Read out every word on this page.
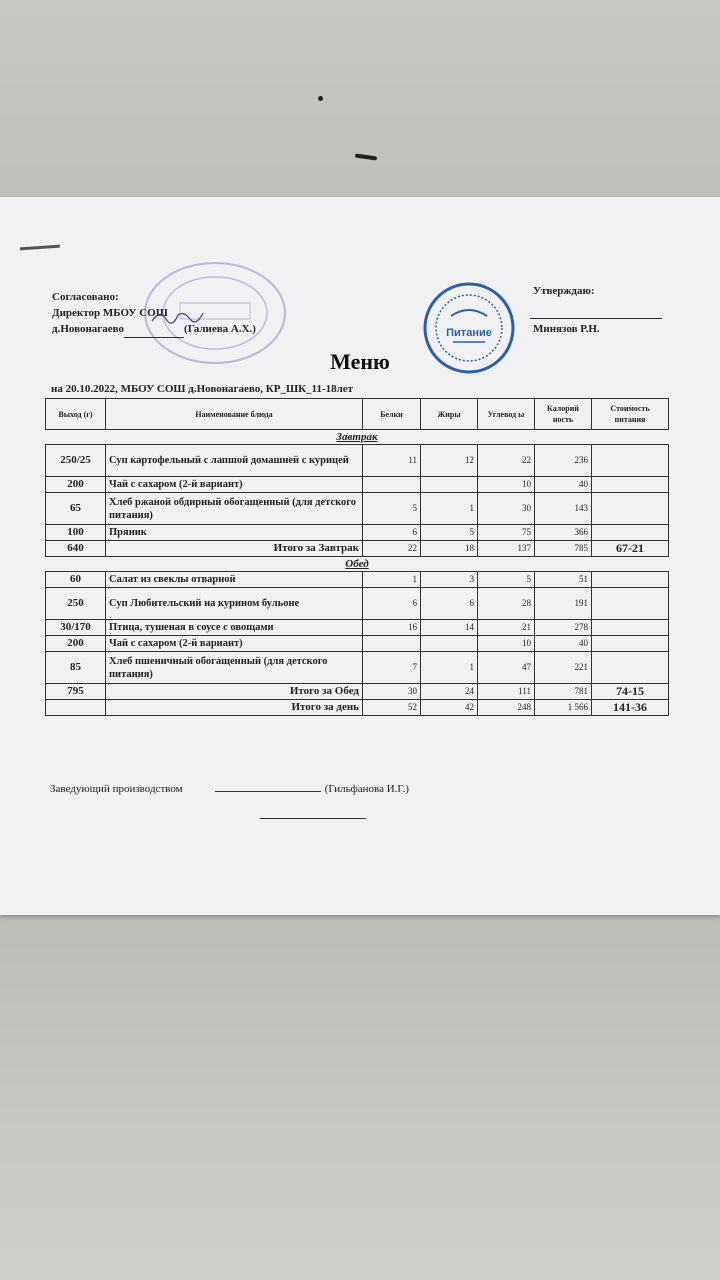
Питание
Согласовано:
Директор МБОУ СОШ
д.Новонагаево	(Галиева А.Х.)
Утверждаю:
Минязов Р.Н.
Меню
на 20.10.2022, МБОУ СОШ д.Новонагаево, КР_ШК_11-18лет
Выход (г)	Наименование блюда	Белки	Жиры	Углевод ы	Калорий ность	Стоимость питания
Завтрак						
250/25	Суп картофельный с лапшой домашней с курицей	11	12	22	236	
200	Чай с сахаром (2-й вариант)			10	40	
65	Хлеб ржаной обдирный обогащенный (для детского питания)	5	1	30	143	
100	Пряник	6	5	75	366	
640	Итого за Завтрак	22	18	137	785	67-21
Обед						
60	Салат из свеклы отварной	1	3	5	51	
250	Суп Любительский на курином бульоне	6	6	28	191	
30/170	Птица, тушеная в соусе с овощами	16	14	21	278	
200	Чай с сахаром (2-й вариант)			10	40	
85	Хлеб пшеничный обогащенный (для детского питания)	7	1	47	221	
795	Итого за Обед	30	24	111	781	74-15
	Итого за день	52	42	248	1 566	141-36
Заведующий производством	(Гильфанова И.Г.)
